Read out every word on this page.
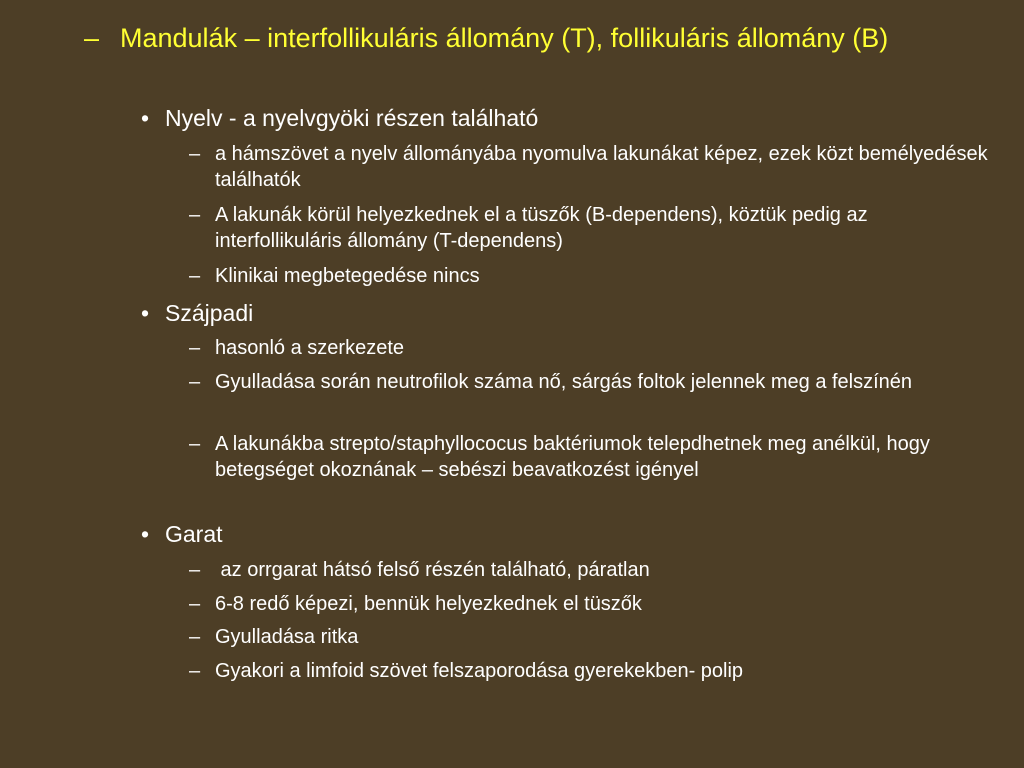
– Mandulák – interfollikuláris állomány (T), follikuláris állomány (B)
• Nyelv - a nyelvgyöki részen található
– a hámszövet a nyelv állományába nyomulva lakunákat képez, ezek közt bemélyedések találhatók
– A lakunák körül helyezkednek el a tüszők (B-dependens), köztük pedig az interfollikuláris állomány (T-dependens)
– Klinikai megbetegedése nincs
• Szájpadi
– hasonló a szerkezete
– Gyulladása során neutrofilok száma nő, sárgás foltok jelennek meg a felszínén
– A lakunákba strepto/staphyllococus baktériumok telepdhetnek meg anélkül, hogy betegséget okoznának – sebészi beavatkozést igényel
• Garat
– az orrgarat hátsó felső részén található, páratlan
– 6-8 redő képezi, bennük helyezkednek el tüszők
– Gyulladása ritka
– Gyakori a limfoid szövet felszaporodása gyerekekben- polip
